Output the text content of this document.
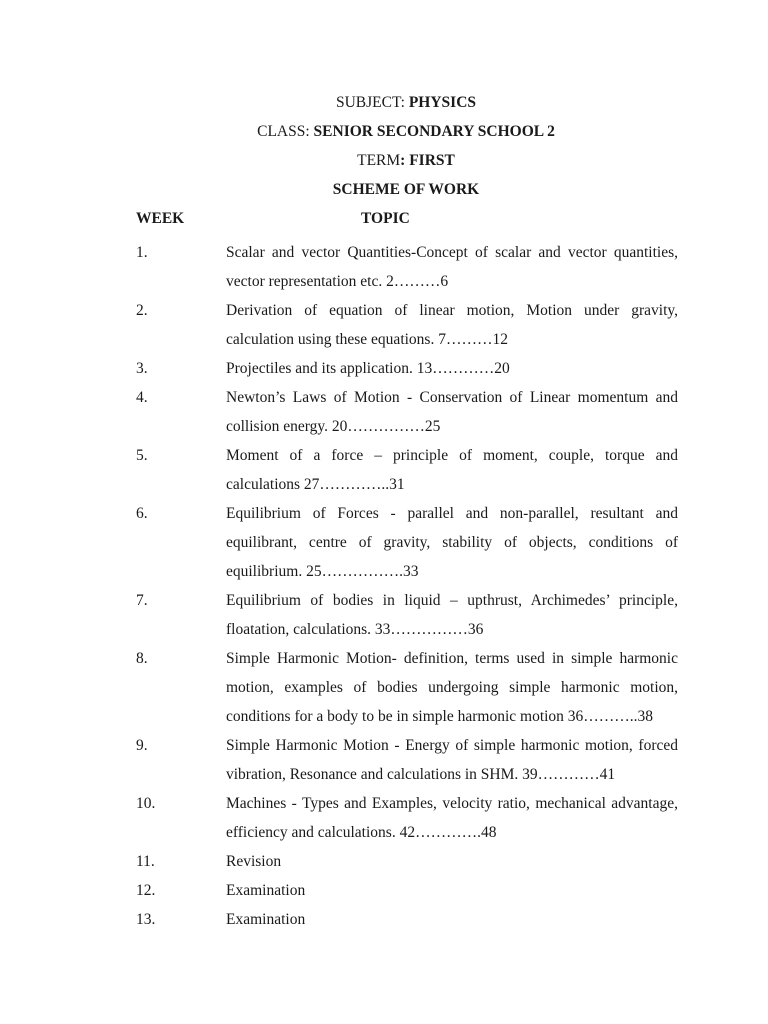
SUBJECT: PHYSICS
CLASS: SENIOR SECONDARY SCHOOL 2
TERM: FIRST
SCHEME OF WORK
WEEK	TOPIC
1.	Scalar and vector Quantities-Concept of scalar and vector quantities, vector representation etc. 2………6
2.	Derivation of equation of linear motion, Motion under gravity, calculation using these equations. 7………12
3.	Projectiles and its application. 13…………20
4.	Newton’s Laws of Motion - Conservation of Linear momentum and collision energy. 20……………25
5.	Moment of a force – principle of moment, couple, torque and calculations 27…………..31
6.	Equilibrium of Forces - parallel and non-parallel, resultant and equilibrant, centre of gravity, stability of objects, conditions of equilibrium. 25…………….33
7.	Equilibrium of bodies in liquid – upthrust, Archimedes’ principle, floatation, calculations. 33……………36
8.	Simple Harmonic Motion- definition, terms used in simple harmonic motion, examples of bodies undergoing simple harmonic motion, conditions for a body to be in simple harmonic motion 36………..38
9.	Simple Harmonic Motion - Energy of simple harmonic motion, forced vibration, Resonance and calculations in SHM. 39…………41
10.	Machines - Types and Examples, velocity ratio, mechanical advantage, efficiency and calculations. 42………….48
11.	Revision
12.	Examination
13.	Examination
